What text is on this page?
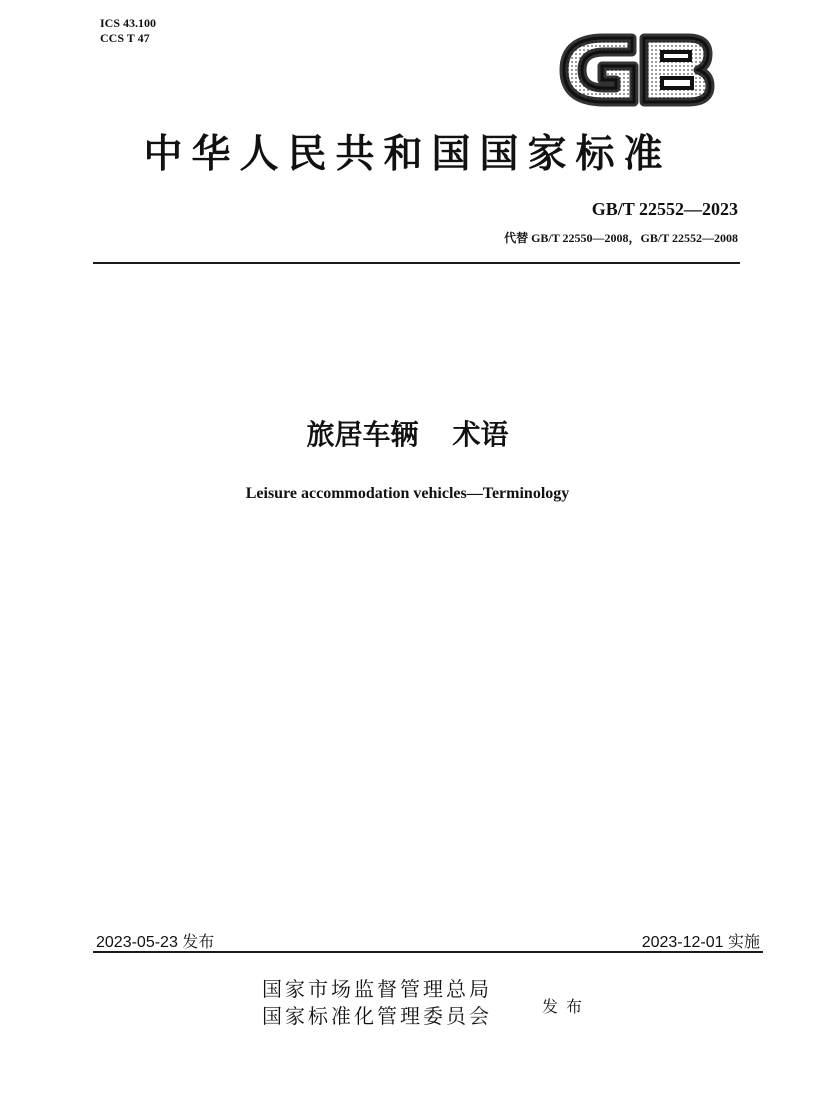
ICS 43.100
CCS T 47
中华人民共和国国家标准
GB/T 22552—2023
代替 GB/T 22550—2008，GB/T 22552—2008
旅居车辆 术语
Leisure accommodation vehicles—Terminology
2023-05-23 发布	2023-12-01 实施
国家市场监督管理总局
国家标准化管理委员会	发布
